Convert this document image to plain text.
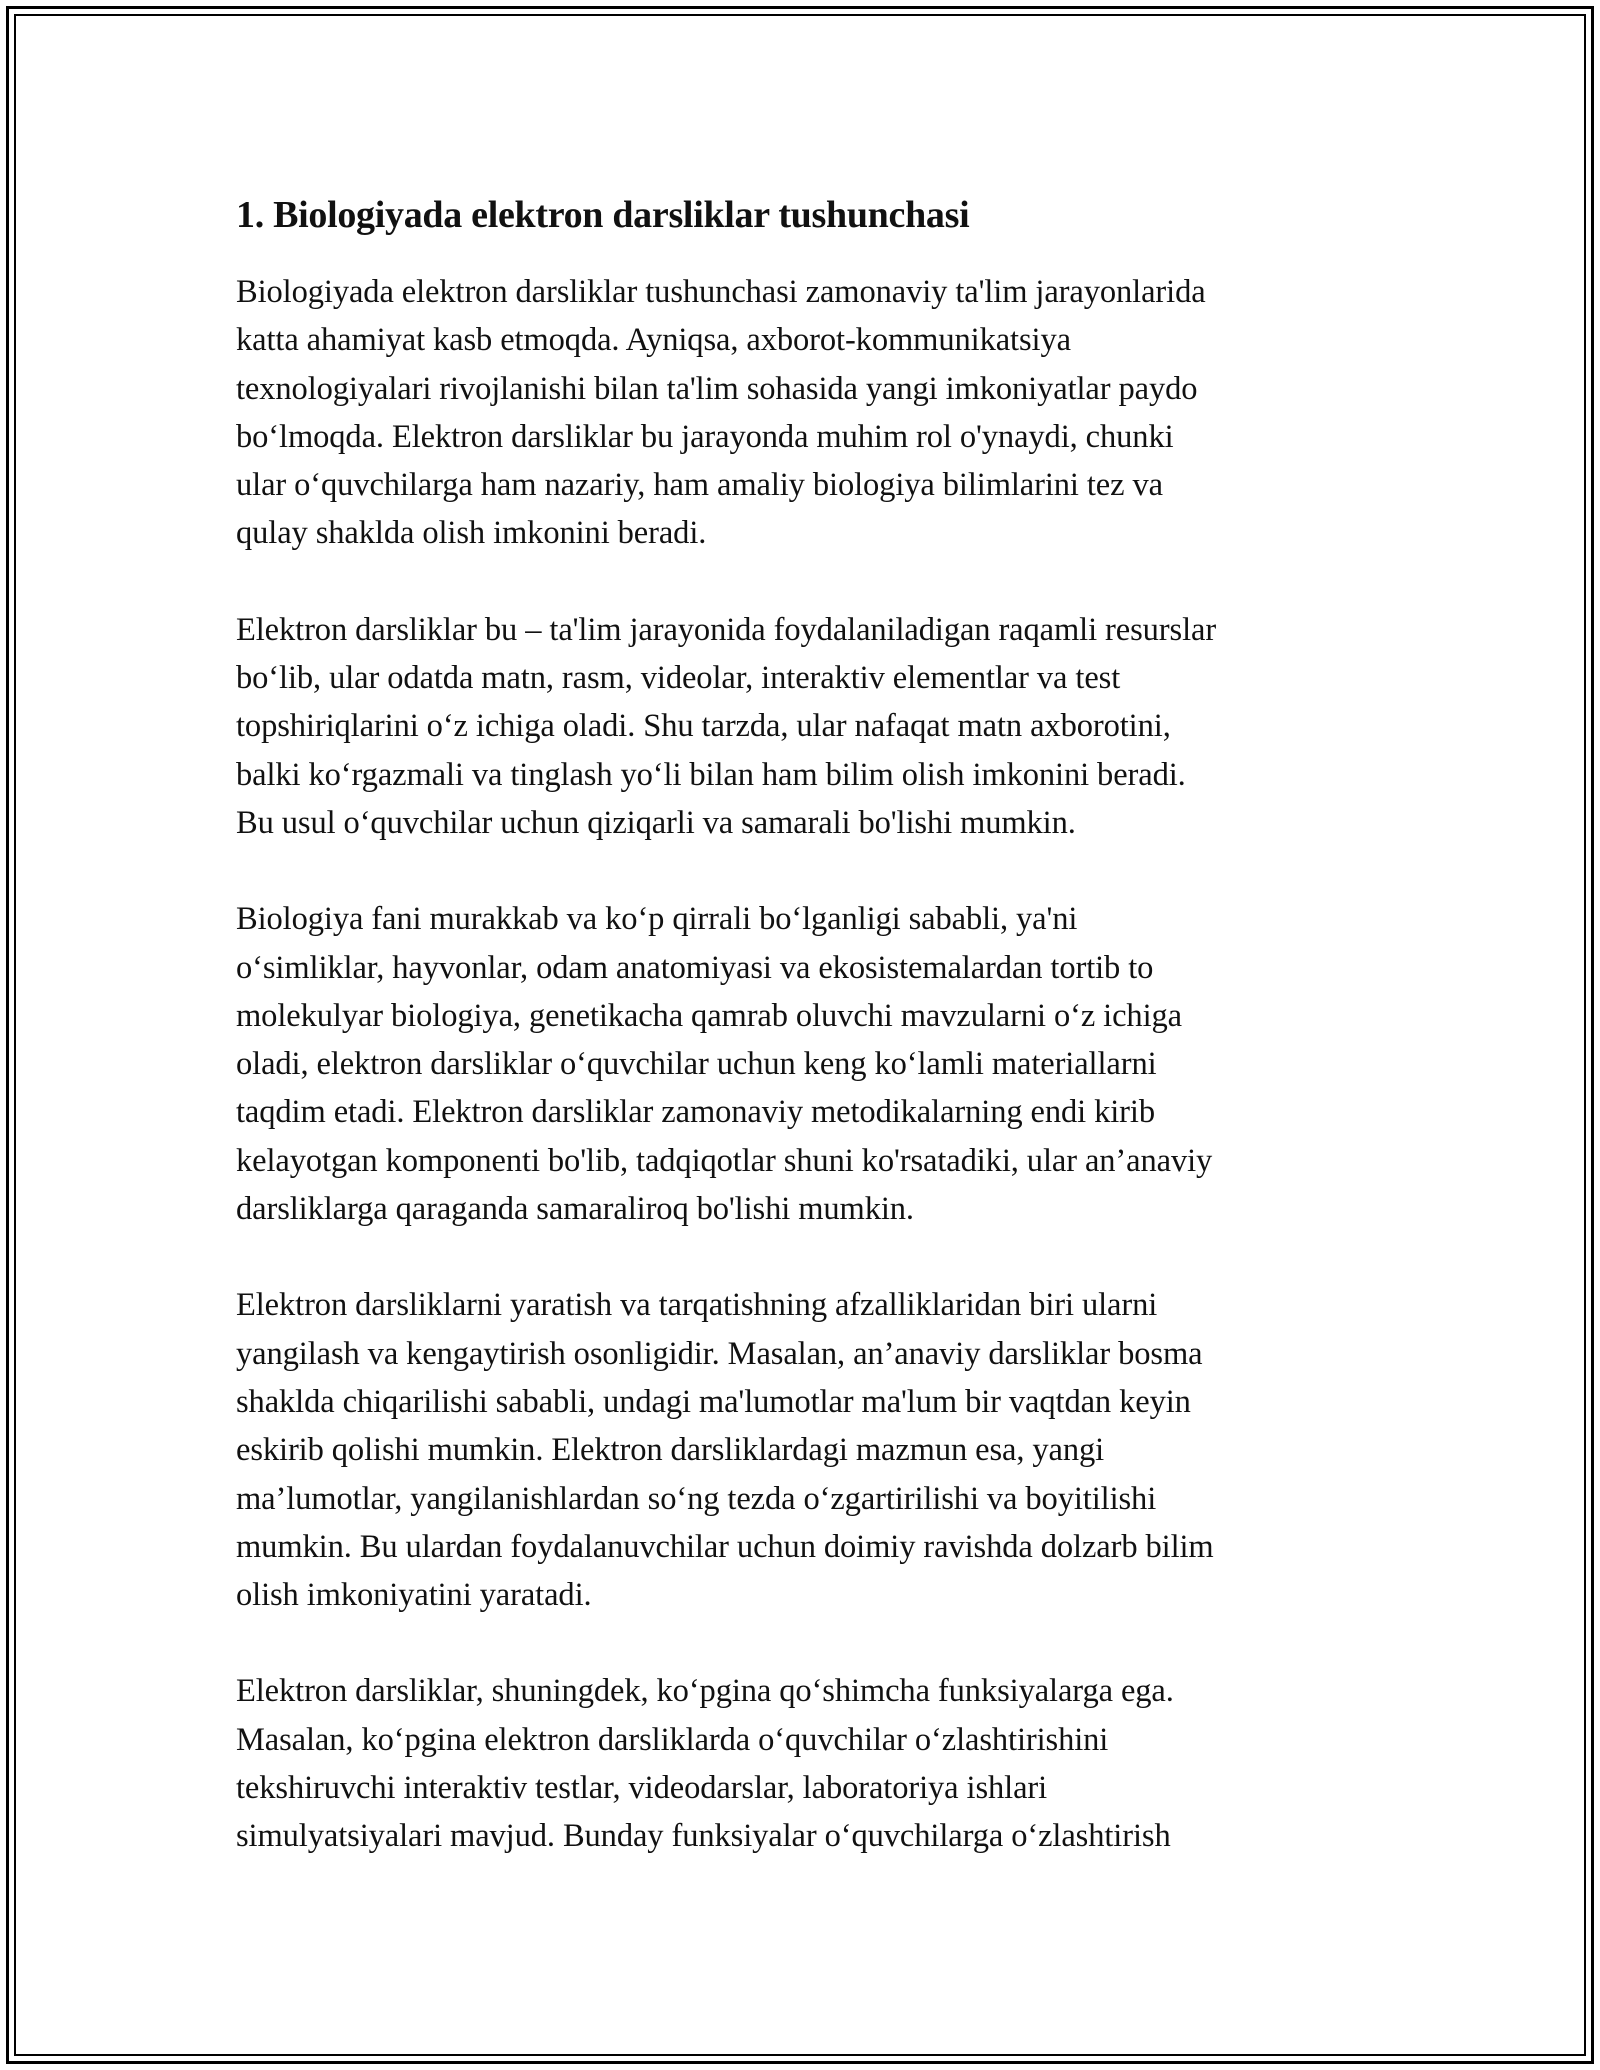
1. Biologiyada elektron darsliklar tushunchasi

Biologiyada elektron darsliklar tushunchasi zamonaviy ta'lim jarayonlarida
katta ahamiyat kasb etmoqda. Ayniqsa, axborot-kommunikatsiya
texnologiyalari rivojlanishi bilan ta'lim sohasida yangi imkoniyatlar paydo
bo‘lmoqda. Elektron darsliklar bu jarayonda muhim rol o'ynaydi, chunki
ular o‘quvchilarga ham nazariy, ham amaliy biologiya bilimlarini tez va
qulay shaklda olish imkonini beradi.

Elektron darsliklar bu – ta'lim jarayonida foydalaniladigan raqamli resurslar
bo‘lib, ular odatda matn, rasm, videolar, interaktiv elementlar va test
topshiriqlarini o‘z ichiga oladi. Shu tarzda, ular nafaqat matn axborotini,
balki ko‘rgazmali va tinglash yo‘li bilan ham bilim olish imkonini beradi.
Bu usul o‘quvchilar uchun qiziqarli va samarali bo'lishi mumkin.

Biologiya fani murakkab va ko‘p qirrali bo‘lganligi sababli, ya'ni
o‘simliklar, hayvonlar, odam anatomiyasi va ekosistemalardan tortib to
molekulyar biologiya, genetikacha qamrab oluvchi mavzularni o‘z ichiga
oladi, elektron darsliklar o‘quvchilar uchun keng ko‘lamli materiallarni
taqdim etadi. Elektron darsliklar zamonaviy metodikalarning endi kirib
kelayotgan komponenti bo'lib, tadqiqotlar shuni ko'rsatadiki, ular an’anaviy
darsliklarga qaraganda samaraliroq bo'lishi mumkin.

Elektron darsliklarni yaratish va tarqatishning afzalliklaridan biri ularni
yangilash va kengaytirish osonligidir. Masalan, an’anaviy darsliklar bosma
shaklda chiqarilishi sababli, undagi ma'lumotlar ma'lum bir vaqtdan keyin
eskirib qolishi mumkin. Elektron darsliklardagi mazmun esa, yangi
ma’lumotlar, yangilanishlardan so‘ng tezda o‘zgartirilishi va boyitilishi
mumkin. Bu ulardan foydalanuvchilar uchun doimiy ravishda dolzarb bilim
olish imkoniyatini yaratadi.

Elektron darsliklar, shuningdek, ko‘pgina qo‘shimcha funksiyalarga ega.
Masalan, ko‘pgina elektron darsliklarda o‘quvchilar o‘zlashtirishini
tekshiruvchi interaktiv testlar, videodarslar, laboratoriya ishlari
simulyatsiyalari mavjud. Bunday funksiyalar o‘quvchilarga o‘zlashtirish
